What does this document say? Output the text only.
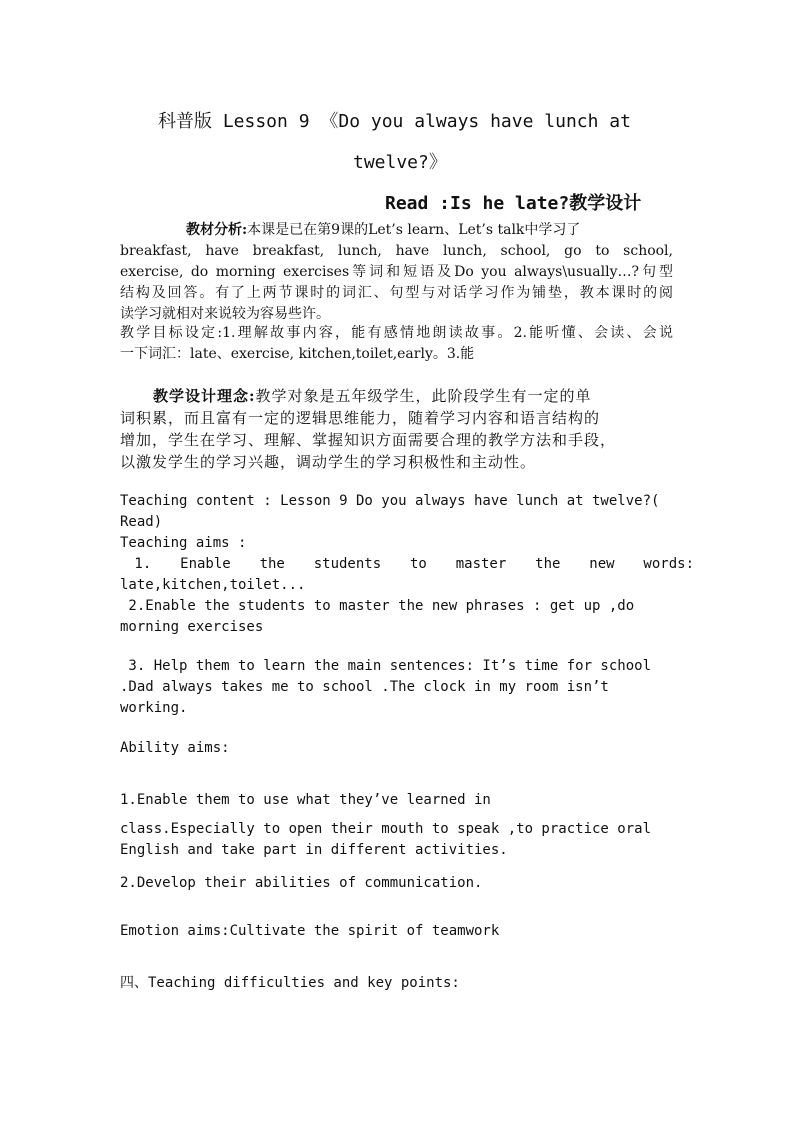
科普版 Lesson 9 《Do you always have lunch at
twelve?》
Read :Is he late?教学设计
教材分析:本课是已在第9课的Let’s learn、Let’s talk中学习了
breakfast, have breakfast, lunch, have lunch, school, go to school,
exercise, do morning exercises等词和短语及Do you always\usually…?句型
结构及回答。有了上两节课时的词汇、句型与对话学习作为铺垫，教本课时的阅
读学习就相对来说较为容易些许。
教学目标设定:1.理解故事内容，能有感情地朗读故事。2.能听懂、会读、会说
一下词汇：late、exercise, kitchen,toilet,early。3.能
教学设计理念:教学对象是五年级学生，此阶段学生有一定的单
词积累，而且富有一定的逻辑思维能力，随着学习内容和语言结构的
增加，学生在学习、理解、掌握知识方面需要合理的教学方法和手段，
以激发学生的学习兴趣，调动学生的学习积极性和主动性。
Teaching content : Lesson 9 Do you always have lunch at twelve?(
Read)
Teaching aims :
1.  Enable  the  students  to  master  the  new  words:
late,kitchen,toilet...
2.Enable the students to master the new phrases : get up ,do
morning exercises
3. Help them to learn the main sentences: It’s time for school
.Dad always takes me to school .The clock in my room isn’t
working.
Ability aims:
1.Enable them to use what they’ve learned in
class.Especially to open their mouth to speak ,to practice oral
English and take part in different activities.
2.Develop their abilities of communication.
Emotion aims:Cultivate the spirit of teamwork
四、Teaching difficulties and key points:
